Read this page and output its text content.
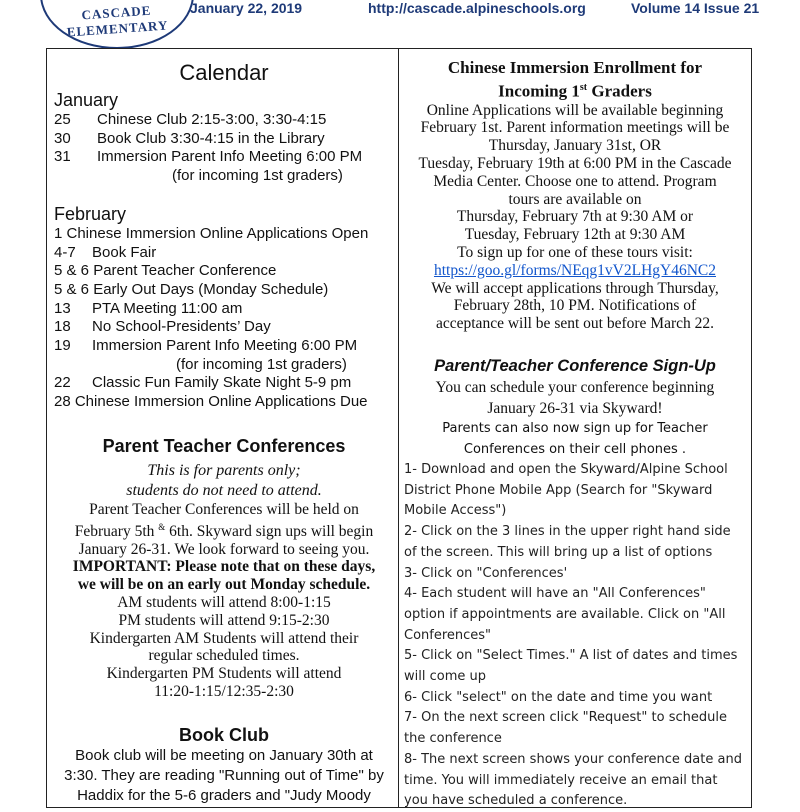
CASCADE ELEMENTARY
January 22, 2019	http://cascade.alpineschools.org	Volume 14 Issue 21
Calendar
January
25 Chinese Club 2:15-3:00, 3:30-4:15
30 Book Club 3:30-4:15 in the Library
31 Immersion Parent Info Meeting 6:00 PM
(for incoming 1st graders)
February
1 Chinese Immersion Online Applications Open
4-7 Book Fair
5 & 6 Parent Teacher Conference
5 & 6 Early Out Days (Monday Schedule)
13 PTA Meeting 11:00 am
18 No School-Presidents’ Day
19 Immersion Parent Info Meeting 6:00 PM
(for incoming 1st graders)
22 Classic Fun Family Skate Night 5-9 pm
28 Chinese Immersion Online Applications Due
Parent Teacher Conferences
This is for parents only;
students do not need to attend.
Parent Teacher Conferences will be held on
February 5th & 6th. Skyward sign ups will begin
January 26-31. We look forward to seeing you.
IMPORTANT: Please note that on these days,
we will be on an early out Monday schedule.
AM students will attend 8:00-1:15
PM students will attend 9:15-2:30
Kindergarten AM Students will attend their
regular scheduled times.
Kindergarten PM Students will attend
11:20-1:15/12:35-2:30
Book Club
Book club will be meeting on January 30th at
3:30. They are reading "Running out of Time" by
Haddix for the 5-6 graders and "Judy Moody
Chinese Immersion Enrollment for
Incoming 1st Graders
Online Applications will be available beginning
February 1st. Parent information meetings will be
Thursday, January 31st, OR
Tuesday, February 19th at 6:00 PM in the Cascade
Media Center. Choose one to attend. Program
tours are available on
Thursday, February 7th at 9:30 AM or
Tuesday, February 12th at 9:30 AM
To sign up for one of these tours visit:
https://goo.gl/forms/NEqg1vV2LHgY46NC2
We will accept applications through Thursday,
February 28th, 10 PM. Notifications of
acceptance will be sent out before March 22.
Parent/Teacher Conference Sign-Up
You can schedule your conference beginning
January 26-31 via Skyward!
Parents can also now sign up for Teacher
Conferences on their cell phones .
1- Download and open the Skyward/Alpine School
District Phone Mobile App (Search for "Skyward
Mobile Access")
2- Click on the 3 lines in the upper right hand side
of the screen. This will bring up a list of options
3- Click on "Conferences'
4- Each student will have an "All Conferences"
option if appointments are available. Click on "All
Conferences"
5- Click on "Select Times." A list of dates and times
will come up
6- Click "select" on the date and time you want
7- On the next screen click "Request" to schedule
the conference
8- The next screen shows your conference date and
time. You will immediately receive an email that
you have scheduled a conference.
